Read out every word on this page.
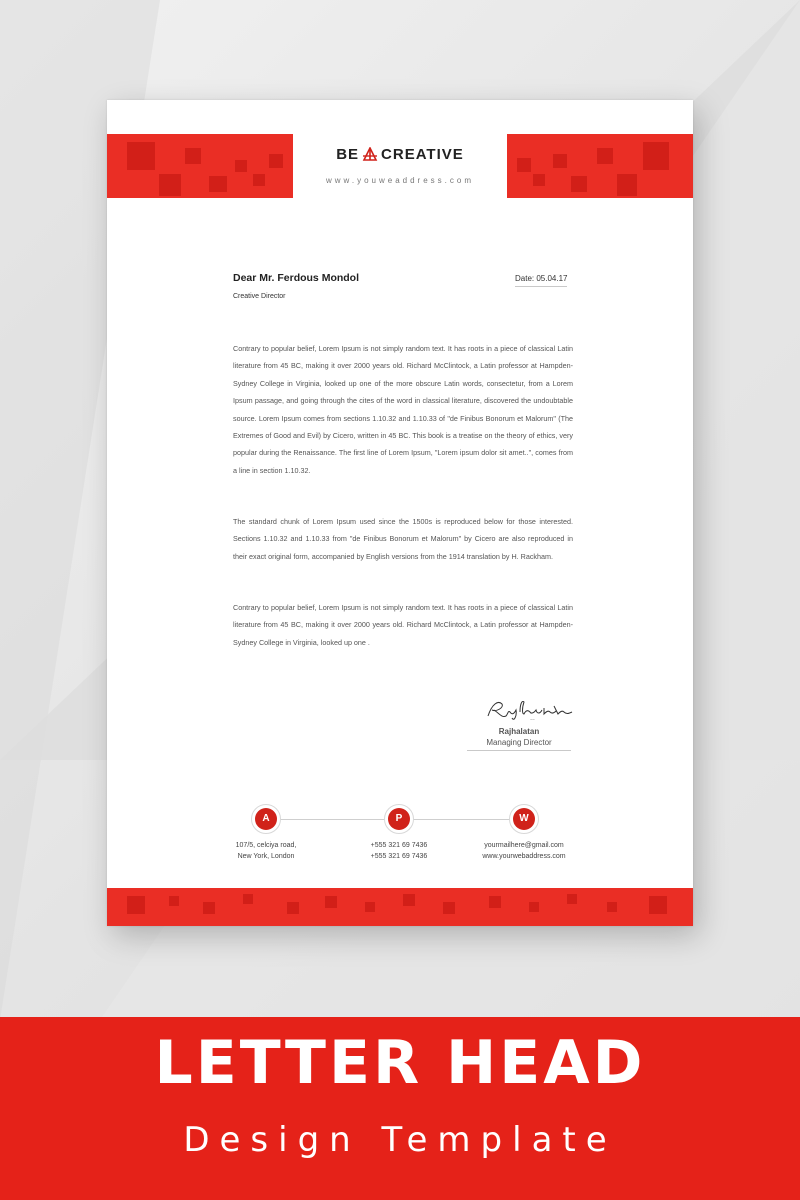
BE CREATIVE
www.youweaddress.com
Dear Mr. Ferdous Mondol
Creative Director
Date: 05.04.17

Contrary to popular belief, Lorem Ipsum is not simply random text. It has roots in a piece of classical Latin literature from 45 BC, making it over 2000 years old. Richard McClintock, a Latin professor at Hampden-Sydney College in Virginia, looked up one of the more obscure Latin words, consectetur, from a Lorem Ipsum passage, and going through the cites of the word in classical literature, discovered the undoubtable source. Lorem Ipsum comes from sections 1.10.32 and 1.10.33 of "de Finibus Bonorum et Malorum" (The Extremes of Good and Evil) by Cicero, written in 45 BC. This book is a treatise on the theory of ethics, very popular during the Renaissance. The first line of Lorem Ipsum, "Lorem ipsum dolor sit amet..", comes from a line in section 1.10.32.

The standard chunk of Lorem Ipsum used since the 1500s is reproduced below for those interested. Sections 1.10.32 and 1.10.33 from "de Finibus Bonorum et Malorum" by Cicero are also reproduced in their exact original form, accompanied by English versions from the 1914 translation by H. Rackham.

Contrary to popular belief, Lorem Ipsum is not simply random text. It has roots in a piece of classical Latin literature from 45 BC, making it over 2000 years old. Richard McClintock, a Latin professor at Hampden-Sydney College in Virginia, looked up one .

Rajhalatan
Rajhalatan
Managing Director
A	P	W
107/5, celciya road,
New York, London
+555 321 69 7436
+555 321 69 7436
yourmailhere@gmail.com
www.yourwebaddress.com
LETTER HEAD
Design Template
